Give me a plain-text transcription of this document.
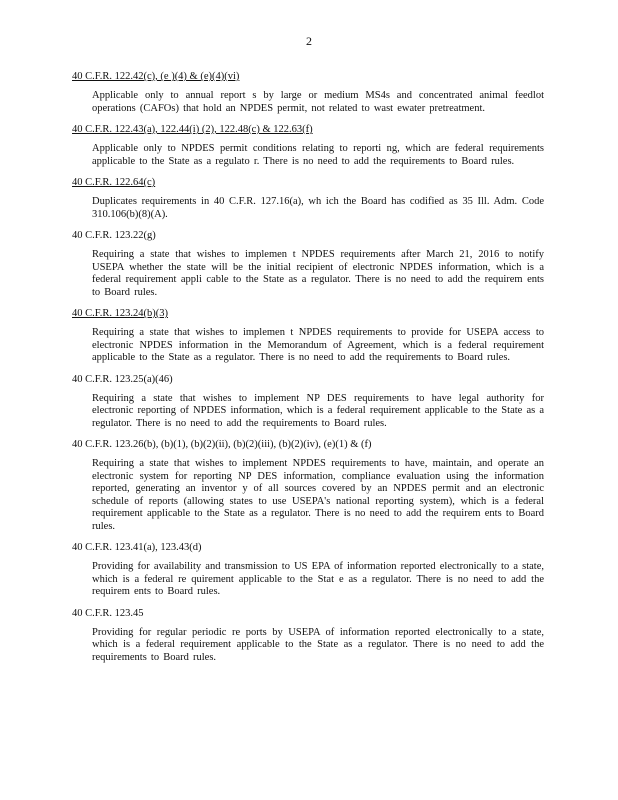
2
40 C.F.R. 122.42(c), (e )(4) & (e)(4)(vi)
Applicable only to annual report s by large or medium MS4s and concentrated animal feedlot operations (CAFOs) that hold an NPDES permit, not related to wast ewater pretreatment.
40 C.F.R. 122.43(a), 122.44(i) (2), 122.48(c) & 122.63(f)
Applicable only to NPDES permit conditions relating to reporti ng, which are federal requirements applicable to the State as a regulato r. There is no need to add the requirements to Board rules.
40 C.F.R. 122.64(c)
Duplicates requirements in 40 C.F.R. 127.16(a), wh ich the Board has codified as 35 Ill. Adm. Code 310.106(b)(8)(A).
40 C.F.R. 123.22(g)
Requiring a state that wishes to implemen t NPDES requirements after March 21, 2016 to notify USEPA whether the state will be the initial recipient of electronic NPDES information, which is a federal requirement appli cable to the State as a regulator. There is no need to add the requirem ents to Board rules.
40 C.F.R. 123.24(b)(3)
Requiring a state that wishes to implemen t NPDES requirements to provide for USEPA access to electronic NPDES information in the Memorandum of Agreement, which is a federal requirement applicable to the State as a regulator. There is no need to add the requirements to Board rules.
40 C.F.R. 123.25(a)(46)
Requiring a state that wishes to implement NP DES requirements to have legal authority for electronic reporting of NPDES information, which is a federal requirement applicable to the State as a regulator. There is no need to add the requirements to Board rules.
40 C.F.R. 123.26(b), (b)(1), (b)(2)(ii), (b)(2)(iii), (b)(2)(iv), (e)(1) & (f)
Requiring a state that wishes to implement NPDES requirements to have, maintain, and operate an electronic system for reporting NP DES information, compliance evaluation using the information reported, generating an inventor y of all sources covered by an NPDES permit and an electronic schedule of reports (allowing states to use USEPA's national reporting system), which is a federal requirement applicable to the State as a regulator. There is no need to add the requirem ents to Board rules.
40 C.F.R. 123.41(a), 123.43(d)
Providing for availability and transmission to US EPA of information reported electronically to a state, which is a federal re quirement applicable to the Stat e as a regulator. There is no need to add the requirem ents to Board rules.
40 C.F.R. 123.45
Providing for regular periodic re ports by USEPA of information reported electronically to a state, which is a federal requirement applicable to the State as a regulator. There is no need to add the requirements to Board rules.
